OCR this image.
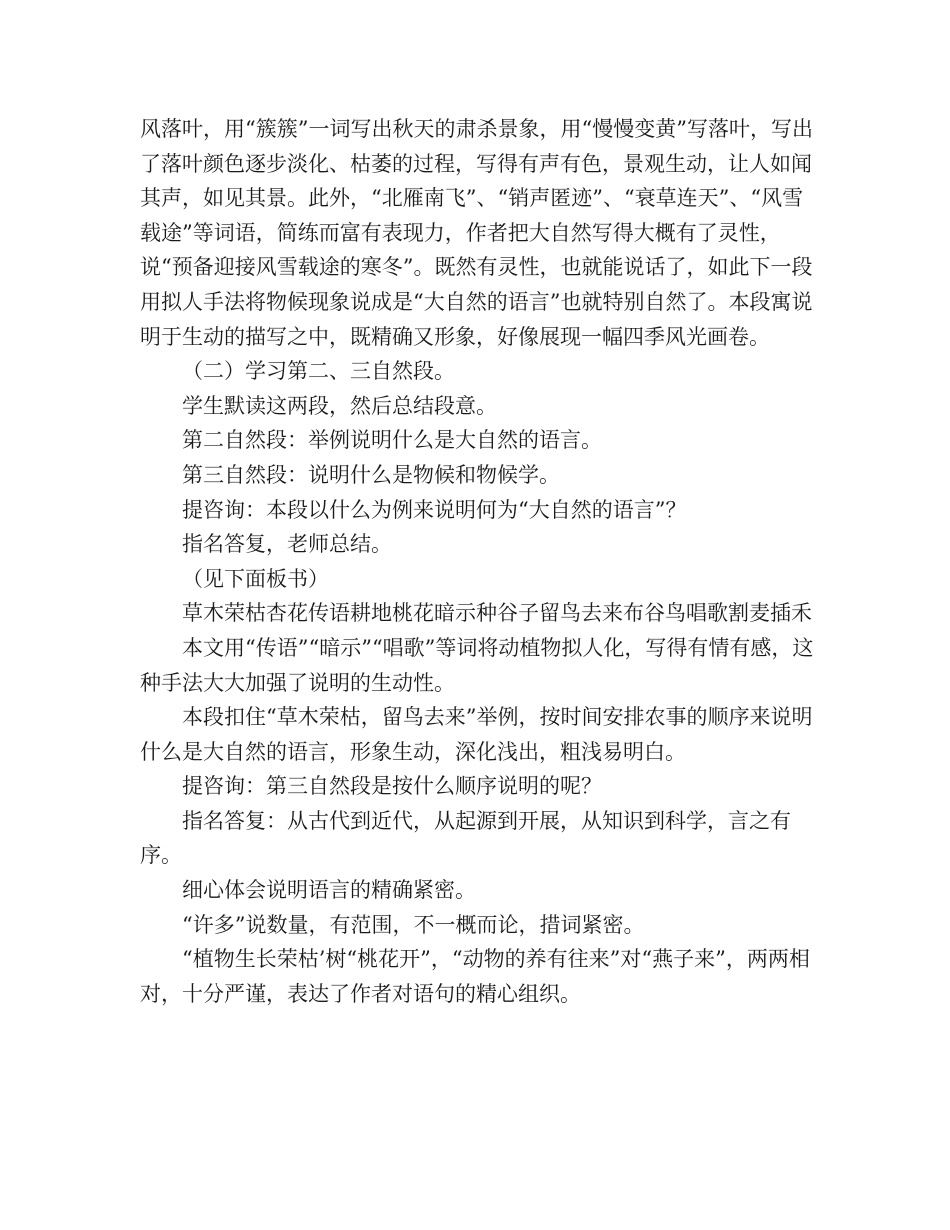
风落叶，用“簇簇”一词写出秋天的肃杀景象，用“慢慢变黄”写落叶，写出了落叶颜色逐步淡化、枯萎的过程，写得有声有色，景观生动，让人如闻其声，如见其景。此外，“北雁南飞”、“销声匿迹”、“衰草连天”、“风雪载途”等词语，简练而富有表现力，作者把大自然写得大概有了灵性，说“预备迎接风雪载途的寒冬”。既然有灵性，也就能说话了，如此下一段用拟人手法将物候现象说成是“大自然的语言”也就特别自然了。本段寓说明于生动的描写之中，既精确又形象，好像展现一幅四季风光画卷。

（二）学习第二、三自然段。

学生默读这两段，然后总结段意。

第二自然段：举例说明什么是大自然的语言。

第三自然段：说明什么是物候和物候学。

提咨询：本段以什么为例来说明何为“大自然的语言”？

指名答复，老师总结。

（见下面板书）

草木荣枯杏花传语耕地桃花暗示种谷子留鸟去来布谷鸟唱歌割麦插禾

本文用“传语”“暗示”“唱歌”等词将动植物拟人化，写得有情有感，这种手法大大加强了说明的生动性。

本段扣住“草木荣枯，留鸟去来”举例，按时间安排农事的顺序来说明什么是大自然的语言，形象生动，深化浅出，粗浅易明白。

提咨询：第三自然段是按什么顺序说明的呢？

指名答复：从古代到近代，从起源到开展，从知识到科学，言之有序。

细心体会说明语言的精确紧密。

“许多”说数量，有范围，不一概而论，措词紧密。

“植物生长荣枯’树“桃花开”，“动物的养有往来”对“燕子来”，两两相对，十分严谨，表达了作者对语句的精心组织。
